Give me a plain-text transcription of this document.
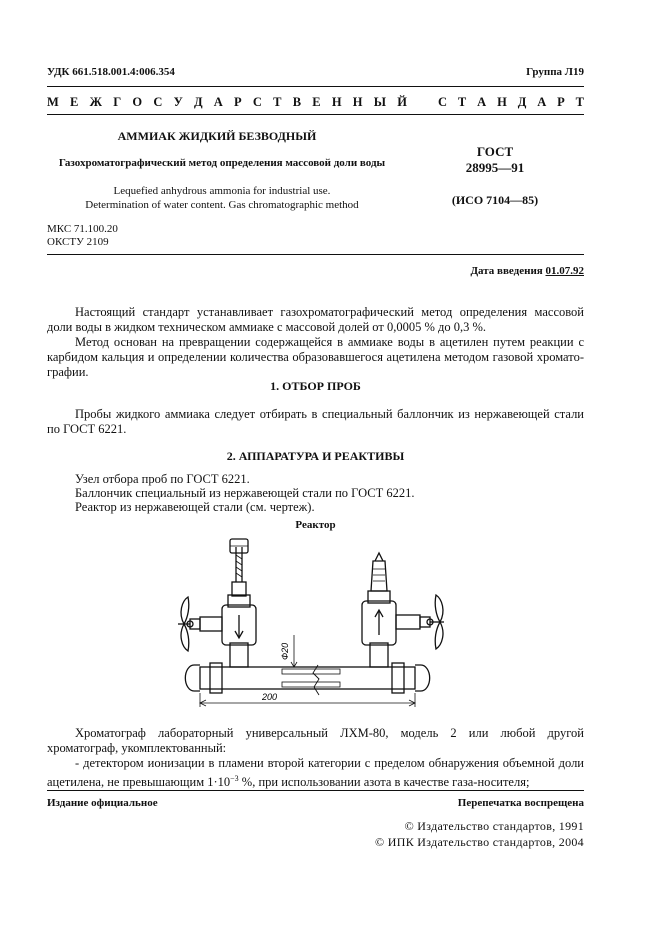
УДК 661.518.001.4:006.354	Группа Л19
М Е Ж Г О С У Д А Р С Т В Е Н Н Ы Й С Т А Н Д А Р Т
АММИАК ЖИДКИЙ БЕЗВОДНЫЙ
Газохроматографический метод определения массовой доли воды
Lequefied anhydrous ammonia for industrial use.
Determination of water content. Gas chromatographic method
ГОСТ
28995—91
(ИСО 7104—85)
МКС 71.100.20
ОКСТУ 2109
Дата введения 01.07.92
Настоящий стандарт устанавливает газохроматографический метод определения массовой доли воды в жидком техническом аммиаке с массовой долей от 0,0005 % до 0,3 %.
Метод основан на превращении содержащейся в аммиаке воды в ацетилен путем реакции с карбидом кальция и определении количества образовавшегося ацетилена методом газовой хромато-графии.
1. ОТБОР ПРОБ
Пробы жидкого аммиака следует отбирать в специальный баллончик из нержавеющей стали по ГОСТ 6221.
2. АППАРАТУРА И РЕАКТИВЫ
Узел отбора проб по ГОСТ 6221.
Баллончик специальный из нержавеющей стали по ГОСТ 6221.
Реактор из нержавеющей стали (см. чертеж).
Реактор
Ф20
200
Хроматограф лабораторный универсальный ЛХМ-80, модель 2 или любой другой хроматограф, укомплектованный:
- детектором ионизации в пламени второй категории с пределом обнаружения объемной доли ацетилена, не превышающим $1\cdot 10^{-3}$ %, при использовании азота в качестве газа-носителя;
Издание официальное	Перепечатка воспрещена
© Издательство стандартов, 1991
© ИПК Издательство стандартов, 2004
